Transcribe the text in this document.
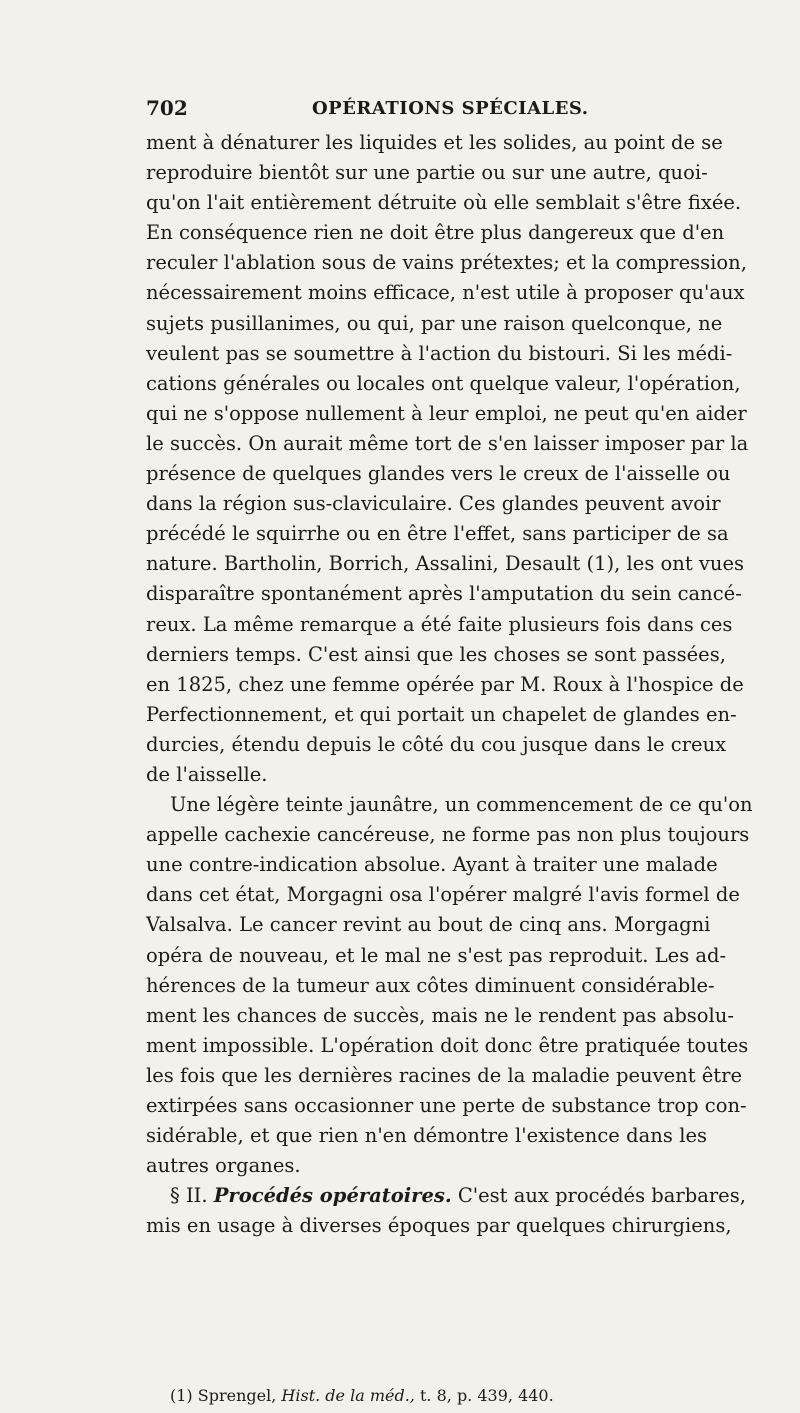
702	OPÉRATIONS SPÉCIALES.
ment à dénaturer les liquides et les solides, au point de se
reproduire bientôt sur une partie ou sur une autre, quoi-
qu'on l'ait entièrement détruite où elle semblait s'être fixée.
En conséquence rien ne doit être plus dangereux que d'en
reculer l'ablation sous de vains prétextes; et la compression,
nécessairement moins efficace, n'est utile à proposer qu'aux
sujets pusillanimes, ou qui, par une raison quelconque, ne
veulent pas se soumettre à l'action du bistouri. Si les médi-
cations générales ou locales ont quelque valeur, l'opération,
qui ne s'oppose nullement à leur emploi, ne peut qu'en aider
le succès. On aurait même tort de s'en laisser imposer par la
présence de quelques glandes vers le creux de l'aisselle ou
dans la région sus-claviculaire. Ces glandes peuvent avoir
précédé le squirrhe ou en être l'effet, sans participer de sa
nature. Bartholin, Borrich, Assalini, Desault (1), les ont vues
disparaître spontanément après l'amputation du sein cancé-
reux. La même remarque a été faite plusieurs fois dans ces
derniers temps. C'est ainsi que les choses se sont passées,
en 1825, chez une femme opérée par M. Roux à l'hospice de
Perfectionnement, et qui portait un chapelet de glandes en-
durcies, étendu depuis le côté du cou jusque dans le creux
de l'aisselle.
Une légère teinte jaunâtre, un commencement de ce qu'on
appelle cachexie cancéreuse, ne forme pas non plus toujours
une contre-indication absolue. Ayant à traiter une malade
dans cet état, Morgagni osa l'opérer malgré l'avis formel de
Valsalva. Le cancer revint au bout de cinq ans. Morgagni
opéra de nouveau, et le mal ne s'est pas reproduit. Les ad-
hérences de la tumeur aux côtes diminuent considérable-
ment les chances de succès, mais ne le rendent pas absolu-
ment impossible. L'opération doit donc être pratiquée toutes
les fois que les dernières racines de la maladie peuvent être
extirpées sans occasionner une perte de substance trop con-
sidérable, et que rien n'en démontre l'existence dans les
autres organes.
§ II. Procédés opératoires. C'est aux procédés barbares,
mis en usage à diverses époques par quelques chirurgiens,
(1) Sprengel, Hist. de la méd., t. 8, p. 439, 440.
